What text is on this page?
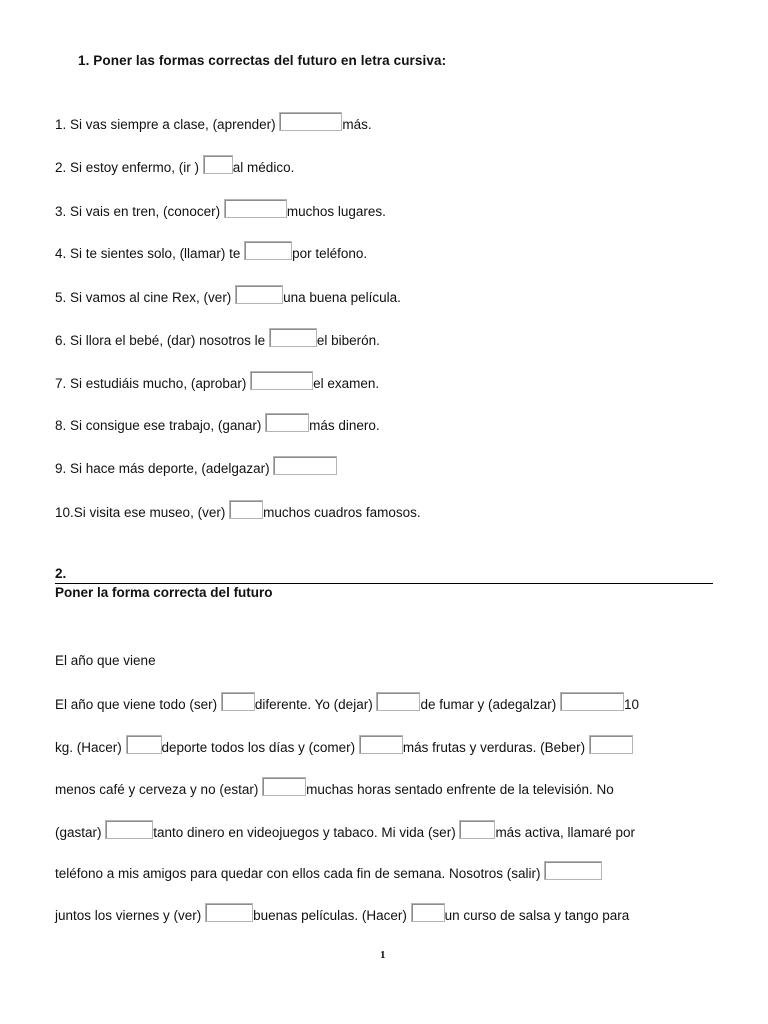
1. Poner las formas correctas del futuro en letra cursiva:
1. Si vas siempre a clase, (aprender)	más.
2. Si estoy enfermo, (ir ) al médico.
3. Si vais en tren, (conocer)	muchos lugares.
4. Si te sientes solo, (llamar) te	por teléfono.
5. Si vamos al cine Rex, (ver)	una buena película.
6. Si llora el bebé, (dar) nosotros le	el biberón.
7. Si estudiáis mucho, (aprobar)	el examen.
8. Si consigue ese trabajo, (ganar)	más dinero.
9. Si hace más deporte, (adelgazar)
10.Si visita ese museo, (ver)	muchos cuadros famosos.
2.
Poner la forma correcta del futuro
El año que viene
El año que viene todo (ser)	diferente. Yo (dejar)	de fumar y (adegalzar)	10
kg. (Hacer)	deporte todos los días y (comer)	más frutas y verduras. (Beber)
menos café y cerveza y no (estar)	muchas horas sentado enfrente de la televisión. No
(gastar)	tanto dinero en videojuegos y tabaco. Mi vida (ser)	más activa, llamaré por
teléfono a mis amigos para quedar con ellos cada fin de semana. Nosotros (salir)
juntos los viernes y (ver)	buenas películas. (Hacer)	un curso de salsa y tango para
1
